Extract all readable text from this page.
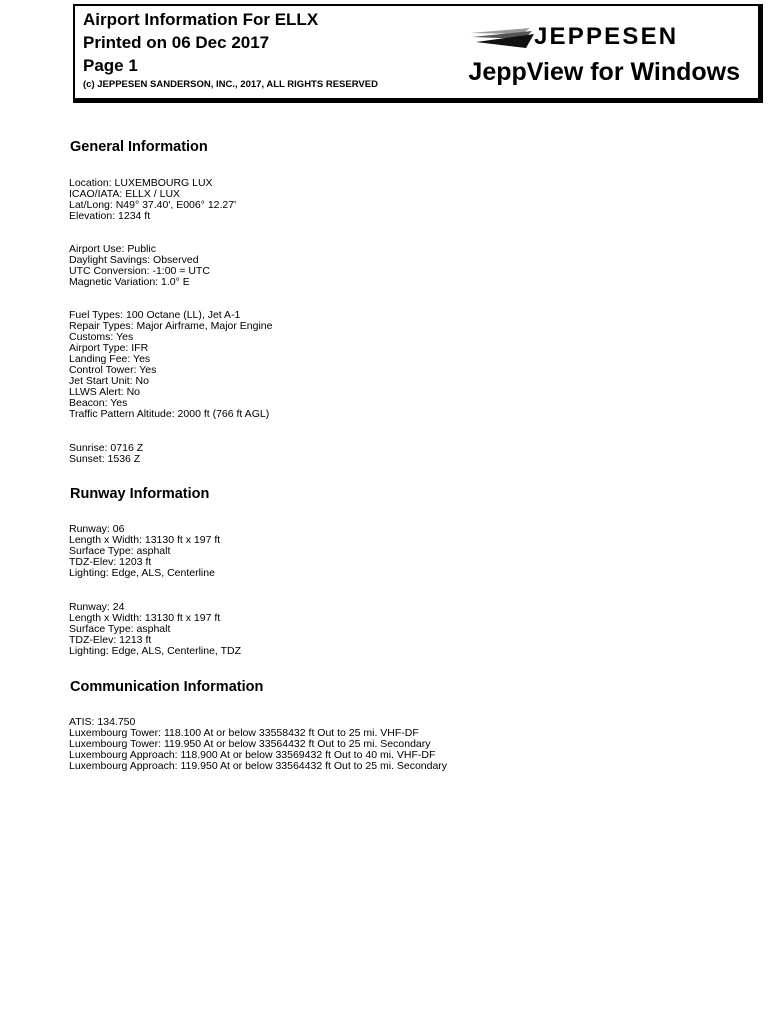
Airport Information For ELLX
Printed on 06 Dec 2017
Page 1
(c) JEPPESEN SANDERSON, INC., 2017, ALL RIGHTS RESERVED
JEPPESEN
JeppView for Windows
General Information
Location: LUXEMBOURG LUX
ICAO/IATA: ELLX / LUX
Lat/Long: N49° 37.40', E006° 12.27'
Elevation: 1234 ft
Airport Use: Public
Daylight Savings: Observed
UTC Conversion: -1:00 = UTC
Magnetic Variation: 1.0° E
Fuel Types: 100 Octane (LL), Jet A-1
Repair Types: Major Airframe, Major Engine
Customs: Yes
Airport Type: IFR
Landing Fee: Yes
Control Tower: Yes
Jet Start Unit: No
LLWS Alert: No
Beacon: Yes
Traffic Pattern Altitude: 2000 ft (766 ft AGL)
Sunrise: 0716 Z
Sunset: 1536 Z
Runway Information
Runway: 06
Length x Width: 13130 ft x 197 ft
Surface Type: asphalt
TDZ-Elev: 1203 ft
Lighting: Edge, ALS, Centerline
Runway: 24
Length x Width: 13130 ft x 197 ft
Surface Type: asphalt
TDZ-Elev: 1213 ft
Lighting: Edge, ALS, Centerline, TDZ
Communication Information
ATIS: 134.750
Luxembourg Tower: 118.100 At or below 33558432 ft Out to 25 mi. VHF-DF
Luxembourg Tower: 119.950 At or below 33564432 ft Out to 25 mi. Secondary
Luxembourg Approach: 118.900 At or below 33569432 ft Out to 40 mi. VHF-DF
Luxembourg Approach: 119.950 At or below 33564432 ft Out to 25 mi. Secondary
